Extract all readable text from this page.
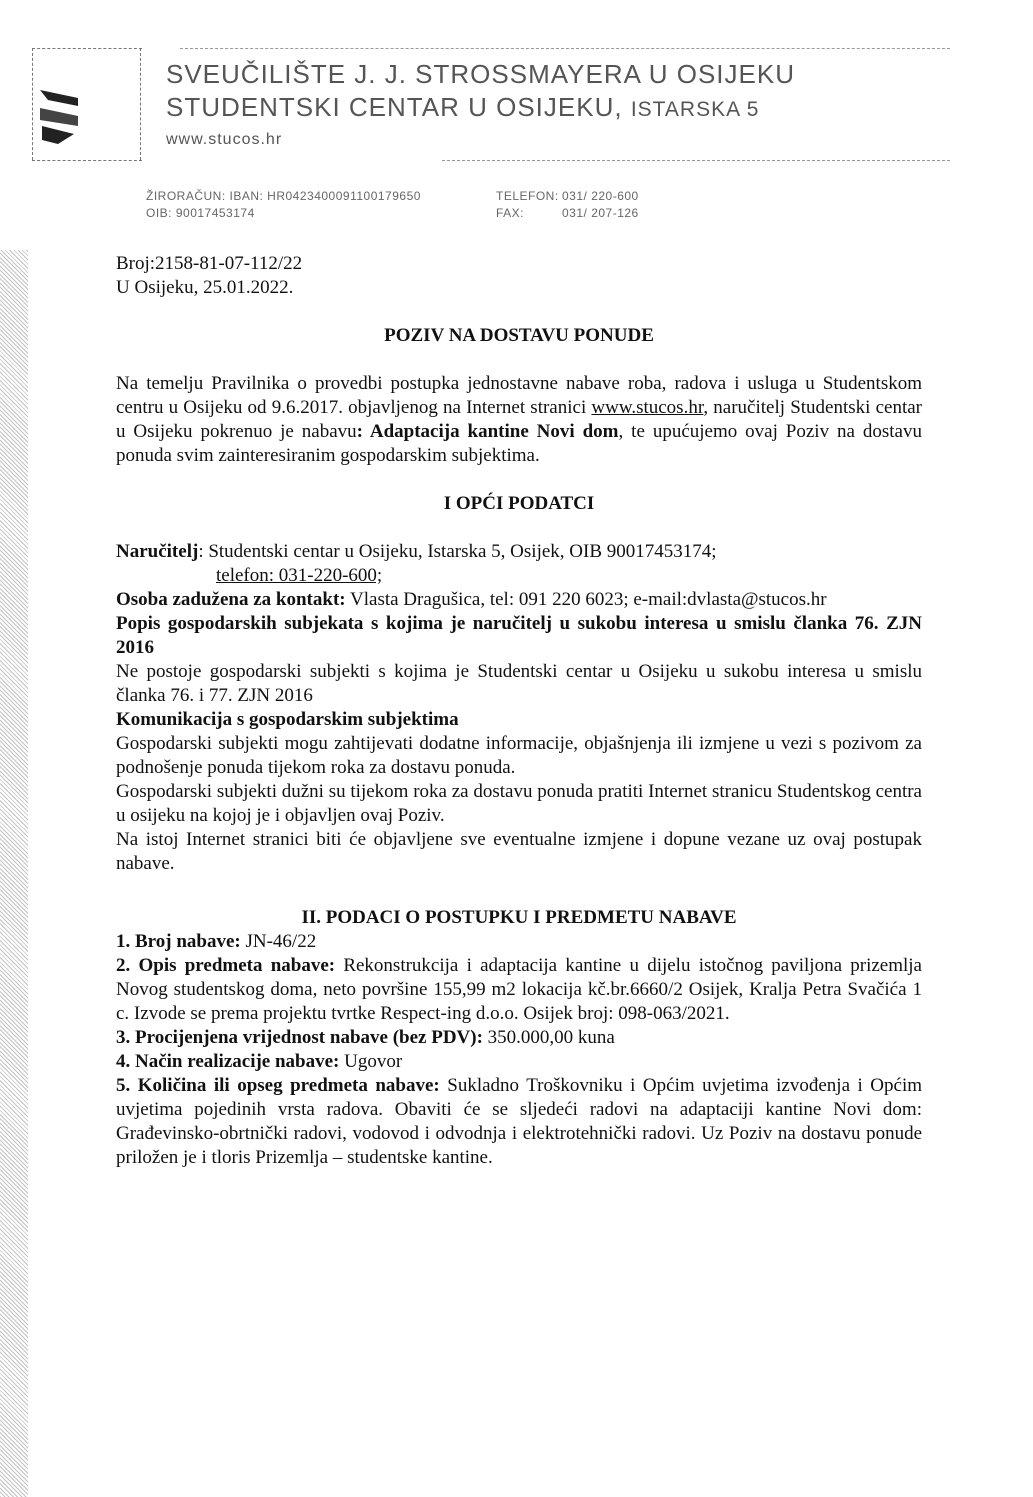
SVEUČILIŠTE J. J. STROSSMAYERA U OSIJEKU
STUDENTSKI CENTAR U OSIJEKU, ISTARSKA 5
www.stucos.hr
ŽIRORAČUN: IBAN: HR0423400091100179650
OIB: 90017453174
TELEFON: 031/ 220-600
FAX:	031/ 207-126

Broj:2158-81-07-112/22

U Osijeku, 25.01.2022.

POZIV NA DOSTAVU PONUDE

Na temelju Pravilnika o provedbi postupka jednostavne nabave roba, radova i usluga u Studentskom centru u Osijeku od 9.6.2017. objavljenog na Internet stranici www.stucos.hr, naručitelj Studentski centar u Osijeku pokrenuo je nabavu: Adaptacija kantine Novi dom, te upućujemo ovaj Poziv na dostavu ponuda svim zainteresiranim gospodarskim subjektima.

I OPĆI PODATCI

Naručitelj: Studentski centar u Osijeku, Istarska 5, Osijek, OIB 90017453174;

telefon: 031-220-600;

Osoba zadužena za kontakt: Vlasta Dragušica, tel: 091 220 6023; e-mail:dvlasta@stucos.hr

Popis gospodarskih subjekata s kojima je naručitelj u sukobu interesa u smislu članka 76. ZJN 2016

Ne postoje gospodarski subjekti s kojima je Studentski centar u Osijeku u sukobu interesa u smislu članka 76. i 77. ZJN 2016

Komunikacija s gospodarskim subjektima

Gospodarski subjekti mogu zahtijevati dodatne informacije, objašnjenja ili izmjene u vezi s pozivom za podnošenje ponuda tijekom roka za dostavu ponuda.

Gospodarski subjekti dužni su tijekom roka za dostavu ponuda pratiti Internet stranicu Studentskog centra u osijeku na kojoj je i objavljen ovaj Poziv.

Na istoj Internet stranici biti će objavljene sve eventualne izmjene i dopune vezane uz ovaj postupak nabave.

II. PODACI O POSTUPKU I PREDMETU NABAVE

1. Broj nabave: JN-46/22

2. Opis predmeta nabave: Rekonstrukcija i adaptacija kantine u dijelu istočnog paviljona prizemlja Novog studentskog doma, neto površine 155,99 m2 lokacija kč.br.6660/2 Osijek, Kralja Petra Svačića 1 c. Izvode se prema projektu tvrtke Respect-ing d.o.o. Osijek broj: 098-063/2021.

3. Procijenjena vrijednost nabave (bez PDV): 350.000,00 kuna

4. Način realizacije nabave: Ugovor

5. Količina ili opseg predmeta nabave: Sukladno Troškovniku i Općim uvjetima izvođenja i Općim uvjetima pojedinih vrsta radova. Obaviti će se sljedeći radovi na adaptaciji kantine Novi dom: Građevinsko-obrtnički radovi, vodovod i odvodnja i elektrotehnički radovi. Uz Poziv na dostavu ponude priložen je i tloris Prizemlja – studentske kantine.
